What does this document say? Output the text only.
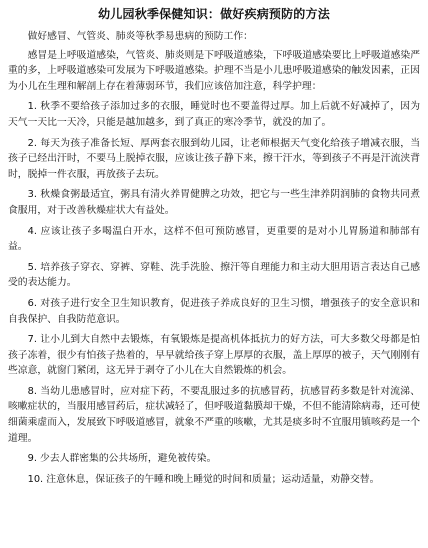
幼儿园秋季保健知识：做好疾病预防的方法
做好感冒、气管炎、肺炎等秋季易患病的预防工作：
感冒是上呼吸道感染，气管炎、肺炎则是下呼吸道感染，下呼吸道感染要比上呼吸道感染严重的多，上呼吸道感染可发展为下呼吸道感染。护理不当是小儿患呼吸道感染的触发因素，正因为小儿在生理和解剖上存在着薄弱环节，我们应该倍加注意，科学护理：
1. 秋季不要给孩子添加过多的衣服，睡觉时也不要盖得过厚。加上后就不好减掉了，因为天气一天比一天冷，只能是越加越多，到了真正的寒冷季节，就没的加了。
2. 每天为孩子准备长短、厚两套衣服到幼儿园，让老师根据天气变化给孩子增减衣服，当孩子已经出汗时，不要马上脱掉衣服，应该让孩子静下来，擦干汗水，等到孩子不再是汗流浃背时，脱掉一件衣服，再放孩子去玩。
3. 秋燥食粥最适宜，粥具有清火养胃健脾之功效，把它与一些生津养阴润肺的食物共同煮食服用，对于改善秋燥症状大有益处。
4. 应该让孩子多喝温白开水，这样不但可预防感冒，更重要的是对小儿胃肠道和肺部有益。
5. 培养孩子穿衣、穿裤、穿鞋、洗手洗脸、擦汗等自理能力和主动大胆用语言表达自己感受的表达能力。
6. 对孩子进行安全卫生知识教育，促进孩子养成良好的卫生习惯，增强孩子的安全意识和自我保护、自我防范意识。
7. 让小儿到大自然中去锻炼，有氧锻炼是提高机体抵抗力的好方法，可大多数父母都是怕孩子冻着，很少有怕孩子热着的，早早就给孩子穿上厚厚的衣服，盖上厚厚的被子，天气刚刚有些凉意，就窗门紧闭，这无异于剥夺了小儿在大自然锻炼的机会。
8. 当幼儿患感冒时，应对症下药，不要乱服过多的抗感冒药，抗感冒药多数是针对流涕、咳嗽症状的，当服用感冒药后，症状减轻了，但呼吸道黏膜却干燥，不但不能清除病毒，还可使细菌乘虚而入，发展致下呼吸道感冒，就象不严重的咳嗽，尤其是痰多时不宜服用镇咳药是一个道理。
9. 少去人群密集的公共场所，避免被传染。
10. 注意休息，保证孩子的午睡和晚上睡觉的时间和质量；运动适量，劝静交替。
